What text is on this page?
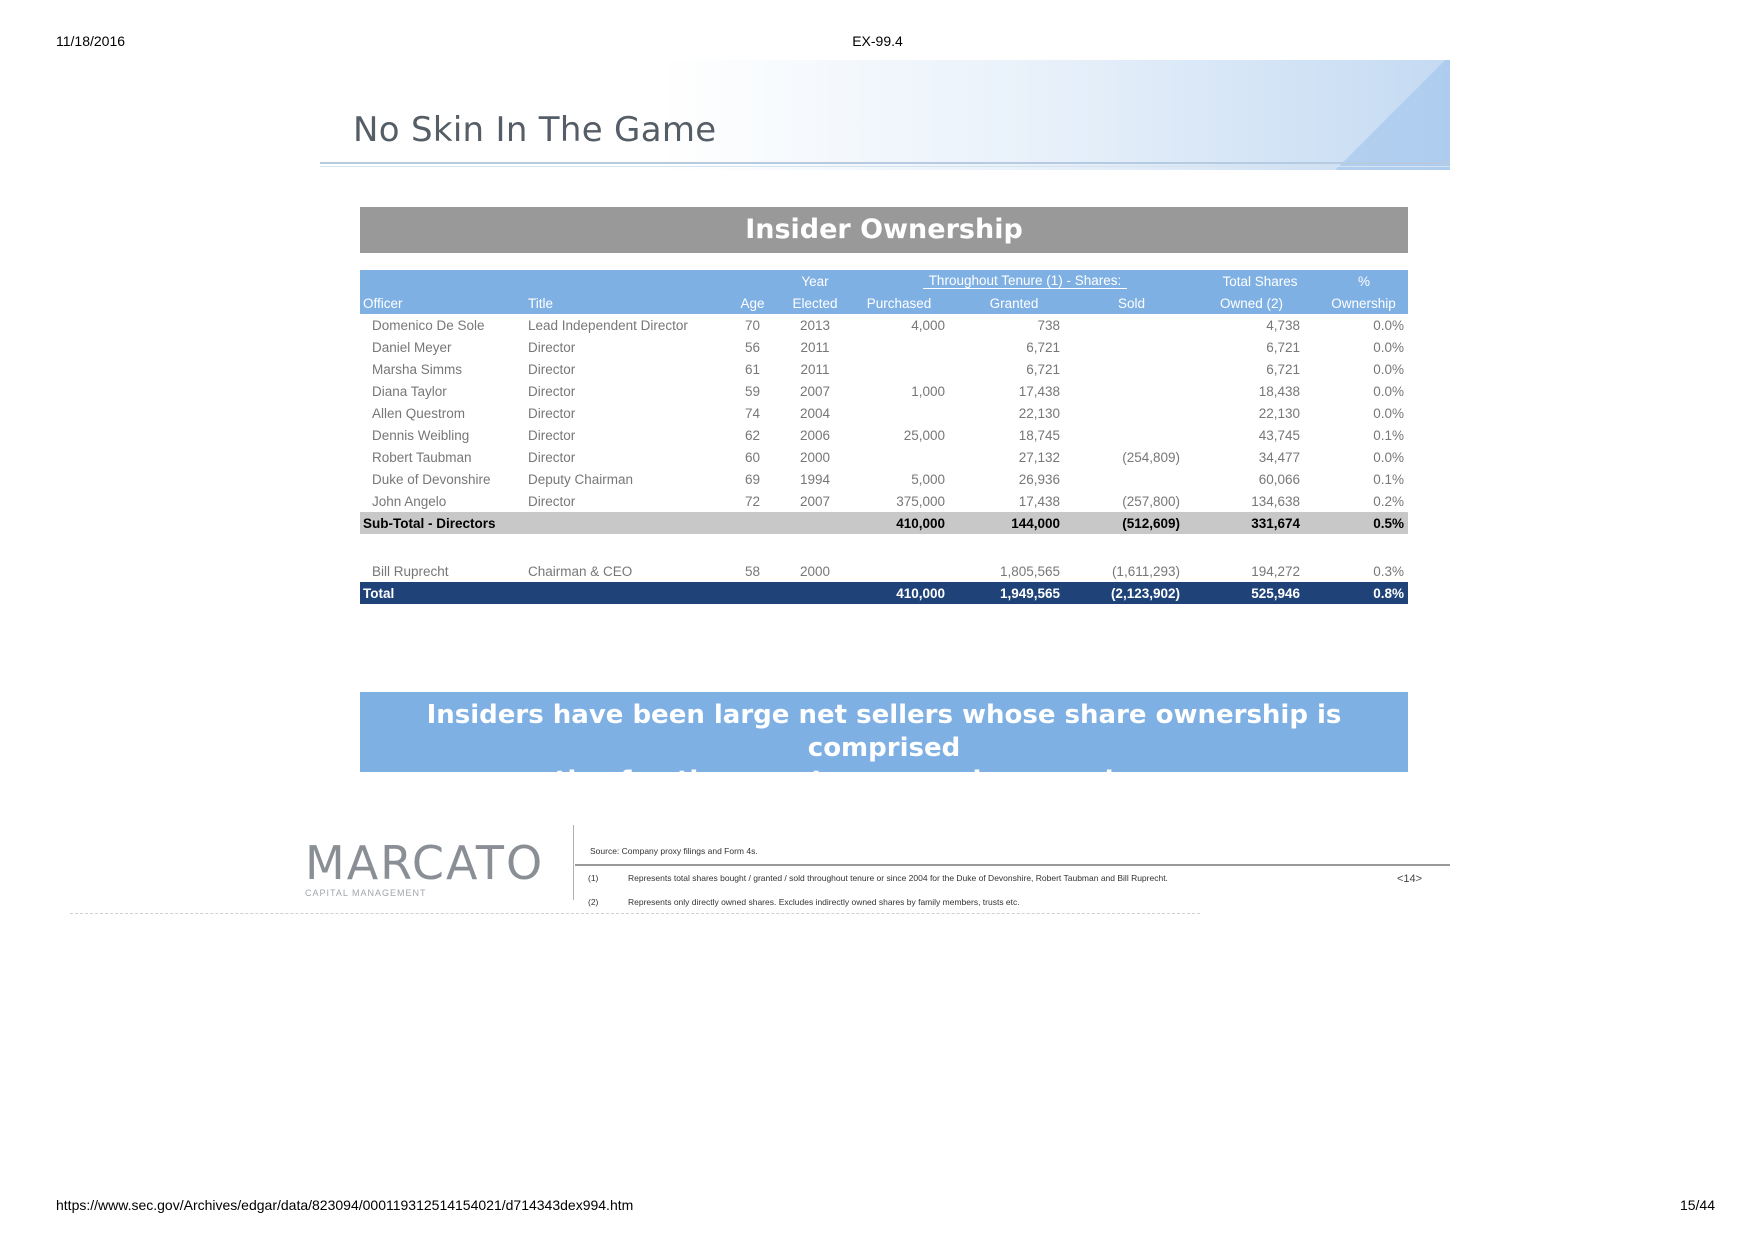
11/18/2016	EX-99.4
No Skin In The Game
Insider Ownership
			Year	Throughout Tenure (1) - Shares:			Total Shares	%
Officer	Title	Age	Elected	Purchased	Granted	Sold	Owned (2)	Ownership
Domenico De Sole	Lead Independent Director	70	2013	4,000	738		4,738	0.0%
Daniel Meyer	Director	56	2011		6,721		6,721	0.0%
Marsha Simms	Director	61	2011		6,721		6,721	0.0%
Diana Taylor	Director	59	2007	1,000	17,438		18,438	0.0%
Allen Questrom	Director	74	2004		22,130		22,130	0.0%
Dennis Weibling	Director	62	2006	25,000	18,745		43,745	0.1%
Robert Taubman	Director	60	2000		27,132	(254,809)	34,477	0.0%
Duke of Devonshire	Deputy Chairman	69	1994	5,000	26,936		60,066	0.1%
John Angelo	Director	72	2007	375,000	17,438	(257,800)	134,638	0.2%
Sub-Total - Directors				410,000	144,000	(512,609)	331,674	0.5%

Bill Ruprecht	Chairman & CEO	58	2000		1,805,565	(1,611,293)	194,272	0.3%
Total				410,000	1,949,565	(2,123,902)	525,946	0.8%
Insiders have been large net sellers whose share ownership is comprised
mostly of option grants ➔ no real economic exposure
MARCATO
CAPITAL MANAGEMENT
Source: Company proxy filings and Form 4s.
(1)	Represents total shares bought / granted / sold throughout tenure or since 2004 for the Duke of Devonshire, Robert Taubman and Bill Ruprecht.
(2)	Represents only directly owned shares. Excludes indirectly owned shares by family members, trusts etc.
<14>
https://www.sec.gov/Archives/edgar/data/823094/000119312514154021/d714343dex994.htm	15/44
